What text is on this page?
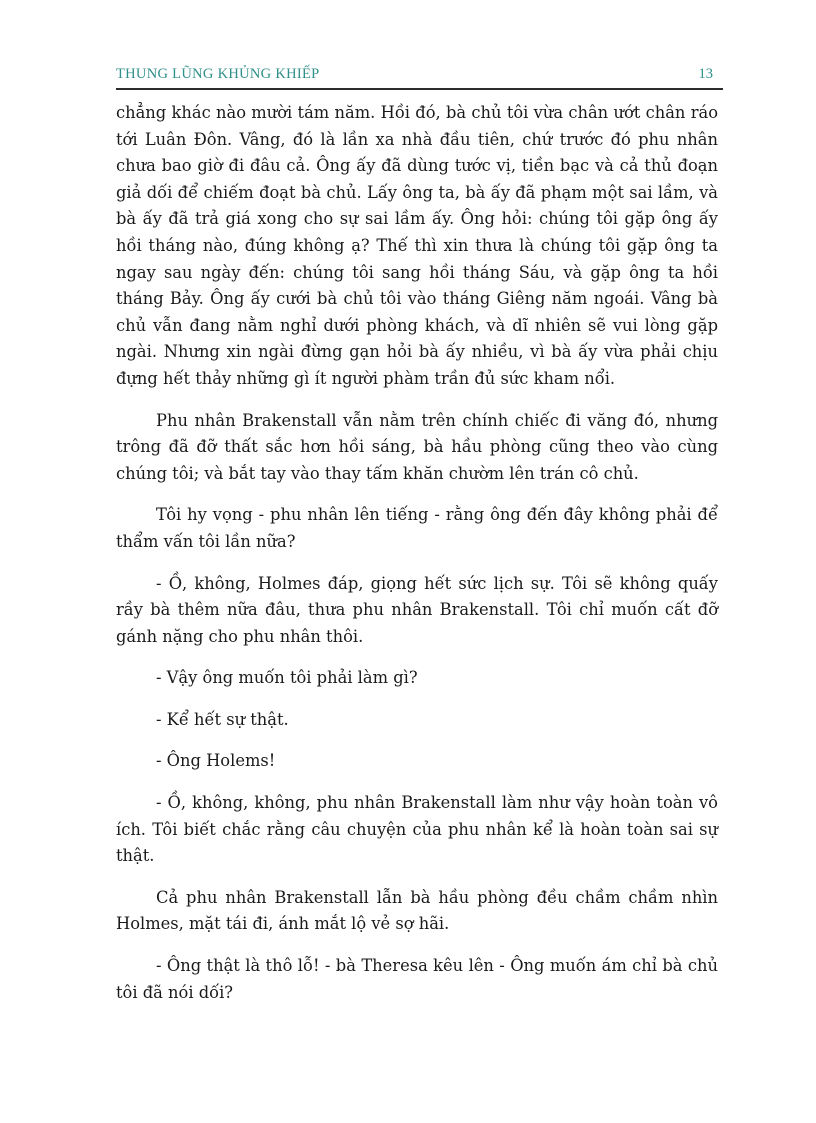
THUNG LŨNG KHỦNG KHIẾP	13

chẳng khác nào mười tám năm. Hồi đó, bà chủ tôi vừa chân ướt chân ráo tới Luân Đôn. Vâng, đó là lần xa nhà đầu tiên, chứ trước đó phu nhân chưa bao giờ đi đâu cả. Ông ấy đã dùng tước vị, tiền bạc và cả thủ đoạn giả dối để chiếm đoạt bà chủ. Lấy ông ta, bà ấy đã phạm một sai lầm, và bà ấy đã trả giá xong cho sự sai lầm ấy. Ông hỏi: chúng tôi gặp ông ấy hồi tháng nào, đúng không ạ? Thế thì xin thưa là chúng tôi gặp ông ta ngay sau ngày đến: chúng tôi sang hồi tháng Sáu, và gặp ông ta hồi tháng Bảy. Ông ấy cưới bà chủ tôi vào tháng Giêng năm ngoái. Vâng bà chủ vẫn đang nằm nghỉ dưới phòng khách, và dĩ nhiên sẽ vui lòng gặp ngài. Nhưng xin ngài đừng gạn hỏi bà ấy nhiều, vì bà ấy vừa phải chịu đựng hết thảy những gì ít người phàm trần đủ sức kham nổi.

Phu nhân Brakenstall vẫn nằm trên chính chiếc đi văng đó, nhưng trông đã đỡ thất sắc hơn hồi sáng, bà hầu phòng cũng theo vào cùng chúng tôi; và bắt tay vào thay tấm khăn chườm lên trán cô chủ.

Tôi hy vọng - phu nhân lên tiếng - rằng ông đến đây không phải để thẩm vấn tôi lần nữa?

- Ồ, không, Holmes đáp, giọng hết sức lịch sự. Tôi sẽ không quấy rầy bà thêm nữa đâu, thưa phu nhân Brakenstall. Tôi chỉ muốn cất đỡ gánh nặng cho phu nhân thôi.

- Vậy ông muốn tôi phải làm gì?

- Kể hết sự thật.

- Ông Holems!

- Ồ, không, không, phu nhân Brakenstall làm như vậy hoàn toàn vô ích. Tôi biết chắc rằng câu chuyện của phu nhân kể là hoàn toàn sai sự thật.

Cả phu nhân Brakenstall lẫn bà hầu phòng đều chầm chầm nhìn Holmes, mặt tái đi, ánh mắt lộ vẻ sợ hãi.

- Ông thật là thô lỗ! - bà Theresa kêu lên - Ông muốn ám chỉ bà chủ tôi đã nói dối?
